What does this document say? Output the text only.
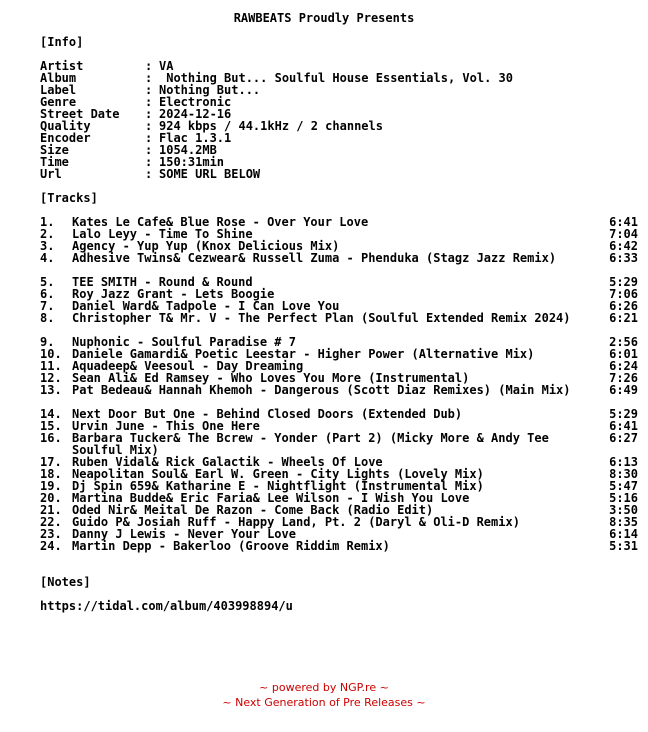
RAWBEATS Proudly Presents
[Info]
Artist	: VA
Album	: Nothing But... Soulful House Essentials, Vol. 30
Label	: Nothing But...
Genre	: Electronic
Street Date : 2024-12-16
Quality	: 924 kbps / 44.1kHz / 2 channels
Encoder	: Flac 1.3.1
Size	: 1054.2MB
Time	: 150:31min
Url	: SOME URL BELOW
[Tracks]
1. Kates Le Cafe& Blue Rose - Over Your Love	6:41
2. Lalo Leyy - Time To Shine	7:04
3. Agency - Yup Yup (Knox Delicious Mix)	6:42
4. Adhesive Twins& Cezwear& Russell Zuma - Phenduka (Stagz Jazz Remix)	6:33
5. TEE SMITH - Round & Round	5:29
6. Roy Jazz Grant - Lets Boogie	7:06
7. Daniel Ward& Tadpole - I Can Love You	6:26
8. Christopher T& Mr. V - The Perfect Plan (Soulful Extended Remix 2024)	6:21
9. Nuphonic - Soulful Paradise # 7	2:56
10. Daniele Gamardi& Poetic Leestar - Higher Power (Alternative Mix)	6:01
11. Aquadeep& Veesoul - Day Dreaming	6:24
12. Sean Ali& Ed Ramsey - Who Loves You More (Instrumental)	7:26
13. Pat Bedeau& Hannah Khemoh - Dangerous (Scott Diaz Remixes) (Main Mix)	6:49
14. Next Door But One - Behind Closed Doors (Extended Dub)	5:29
15. Urvin June - This One Here	6:41
16. Barbara Tucker& The Bcrew - Yonder (Part 2) (Micky More & Andy Tee Soulful Mix)
6:27
17. Ruben Vidal& Rick Galactik - Wheels Of Love	6:13
18. Neapolitan Soul& Earl W. Green - City Lights (Lovely Mix)	8:30
19. Dj Spin 659& Katharine E - Nightflight (Instrumental Mix)	5:47
20. Martina Budde& Eric Faria& Lee Wilson - I Wish You Love	5:16
21. Oded Nir& Meital De Razon - Come Back (Radio Edit)	3:50
22. Guido P& Josiah Ruff - Happy Land, Pt. 2 (Daryl & Oli-D Remix)	8:35
23. Danny J Lewis - Never Your Love	6:14
24. Martin Depp - Bakerloo (Groove Riddim Remix)	5:31
[Notes]
https://tidal.com/album/403998894/u
~ powered by NGP.re ~
~ Next Generation of Pre Releases ~
